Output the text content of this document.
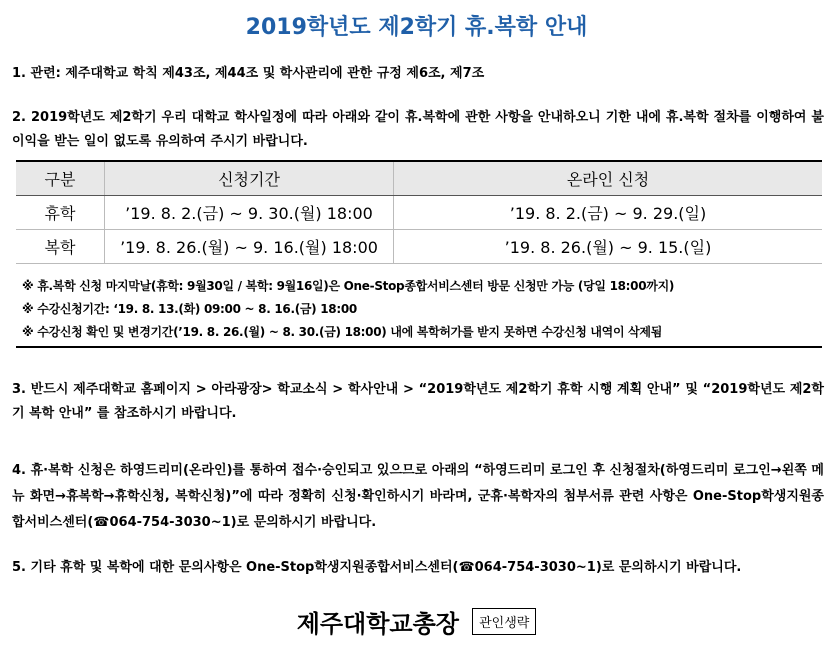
2019학년도 제2학기 휴.복학 안내
1. 관련: 제주대학교 학칙 제43조, 제44조 및 학사관리에 관한 규정 제6조, 제7조
2. 2019학년도 제2학기 우리 대학교 학사일정에 따라 아래와 같이 휴.복학에 관한 사항을 안내하오니 기한 내에 휴.복학 절차를 이행하여 불이익을 받는 일이 없도록 유의하여 주시기 바랍니다.
구분	신청기간	온라인 신청
휴학	’19. 8. 2.(금) ~ 9. 30.(월) 18:00	’19. 8. 2.(금) ~ 9. 29.(일)
복학	’19. 8. 26.(월) ~ 9. 16.(월) 18:00	’19. 8. 26.(월) ~ 9. 15.(일)
※ 휴.복학 신청 마지막날(휴학: 9월30일 / 복학: 9월16일)은 One-Stop종합서비스센터 방문 신청만 가능 (당일 18:00까지)
※ 수강신청기간: ‘19. 8. 13.(화) 09:00 ~ 8. 16.(금) 18:00
※ 수강신청 확인 및 변경기간(’19. 8. 26.(월) ~ 8. 30.(금) 18:00) 내에 복학허가를 받지 못하면 수강신청 내역이 삭제됨
3. 반드시 제주대학교 홈페이지 > 아라광장> 학교소식 > 학사안내 > “2019학년도 제2학기 휴학 시행 계획 안내” 및 “2019학년도 제2학기 복학 안내” 를 참조하시기 바랍니다.
4. 휴·복학 신청은 하영드리미(온라인)를 통하여 접수·승인되고 있으므로 아래의 “하영드리미 로그인 후 신청절차(하영드리미 로그인→왼쪽 메뉴 화면→휴복학→휴학신청, 복학신청)”에 따라 정확히 신청·확인하시기 바라며, 군휴·복학자의 첨부서류 관련 사항은 One-Stop학생지원종합서비스센터(☎064-754-3030~1)로 문의하시기 바랍니다.
5. 기타 휴학 및 복학에 대한 문의사항은 One-Stop학생지원종합서비스센터(☎064-754-3030~1)로 문의하시기 바랍니다.
제주대학교총장 관인생략
